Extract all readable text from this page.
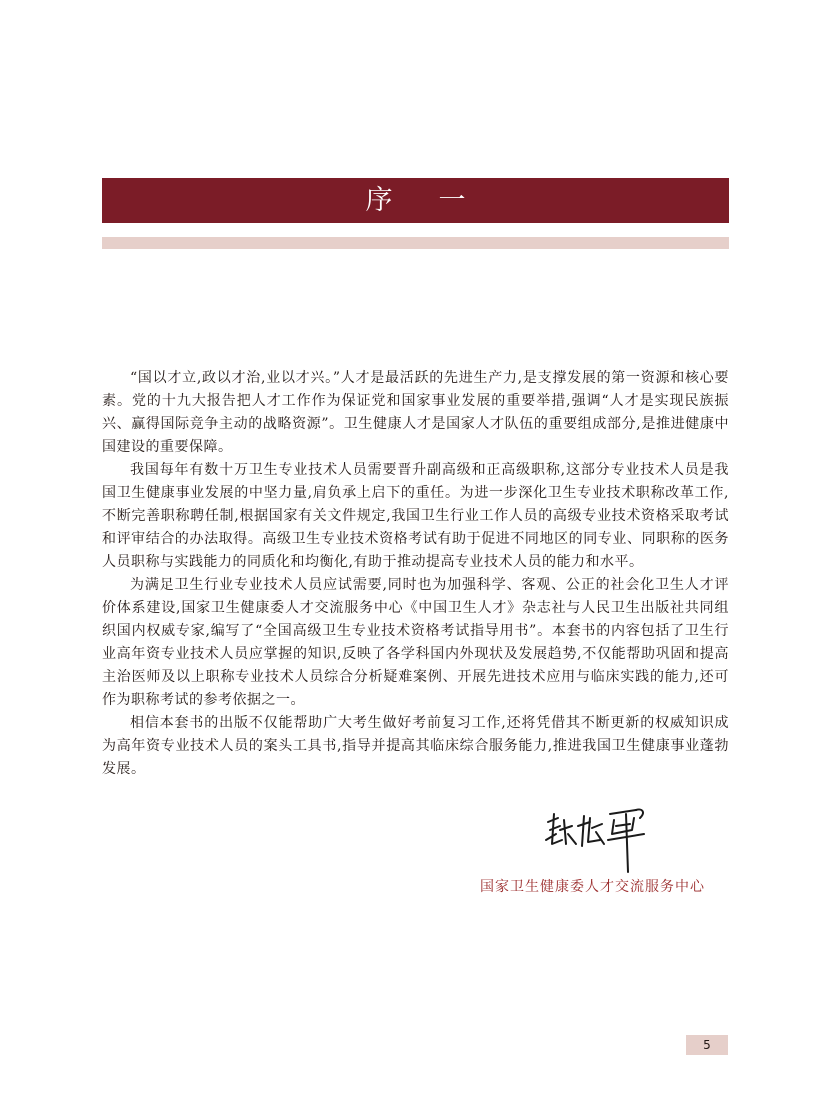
序一

“国以才立,政以才治,业以才兴。”人才是最活跃的先进生产力,是支撑发展的第一资源和核心要素。党的十九大报告把人才工作作为保证党和国家事业发展的重要举措,强调“人才是实现民族振兴、赢得国际竞争主动的战略资源”。卫生健康人才是国家人才队伍的重要组成部分,是推进健康中国建设的重要保障。

我国每年有数十万卫生专业技术人员需要晋升副高级和正高级职称,这部分专业技术人员是我国卫生健康事业发展的中坚力量,肩负承上启下的重任。为进一步深化卫生专业技术职称改革工作,不断完善职称聘任制,根据国家有关文件规定,我国卫生行业工作人员的高级专业技术资格采取考试和评审结合的办法取得。高级卫生专业技术资格考试有助于促进不同地区的同专业、同职称的医务人员职称与实践能力的同质化和均衡化,有助于推动提高专业技术人员的能力和水平。

为满足卫生行业专业技术人员应试需要,同时也为加强科学、客观、公正的社会化卫生人才评价体系建设,国家卫生健康委人才交流服务中心《中国卫生人才》杂志社与人民卫生出版社共同组织国内权威专家,编写了“全国高级卫生专业技术资格考试指导用书”。本套书的内容包括了卫生行业高年资专业技术人员应掌握的知识,反映了各学科国内外现状及发展趋势,不仅能帮助巩固和提高主治医师及以上职称专业技术人员综合分析疑难案例、开展先进技术应用与临床实践的能力,还可作为职称考试的参考依据之一。

相信本套书的出版不仅能帮助广大考生做好考前复习工作,还将凭借其不断更新的权威知识成为高年资专业技术人员的案头工具书,指导并提高其临床综合服务能力,推进我国卫生健康事业蓬勃发展。

国家卫生健康委人才交流服务中心
5
